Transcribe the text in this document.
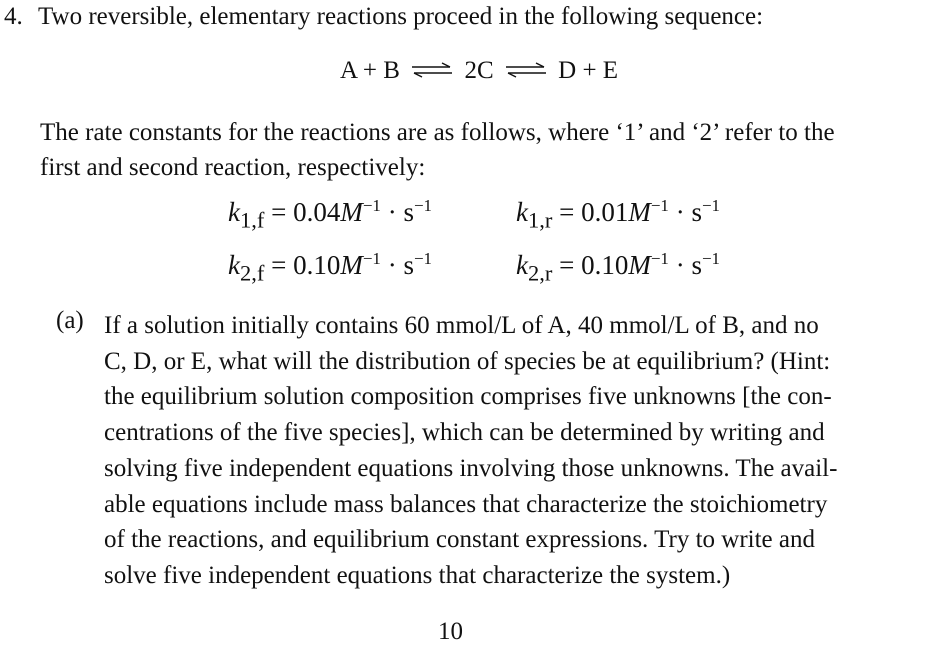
4. Two reversible, elementary reactions proceed in the following sequence:
A + B ⇌ 2C ⇌ D + E
The rate constants for the reactions are as follows, where ‘1’ and ‘2’ refer to the
first and second reaction, respectively:
$k_{1,f} = 0.04M^{-1} \cdot s^{-1}$	$k_{1,r} = 0.01M^{-1} \cdot s^{-1}$
$k_{2,f} = 0.10M^{-1} \cdot s^{-1}$	$k_{2,r} = 0.10M^{-1} \cdot s^{-1}$
(a) If a solution initially contains 60 mmol/L of A, 40 mmol/L of B, and no
C, D, or E, what will the distribution of species be at equilibrium? (Hint:
the equilibrium solution composition comprises five unknowns [the con-
centrations of the five species], which can be determined by writing and
solving five independent equations involving those unknowns. The avail-
able equations include mass balances that characterize the stoichiometry
of the reactions, and equilibrium constant expressions. Try to write and
solve five independent equations that characterize the system.)
10
